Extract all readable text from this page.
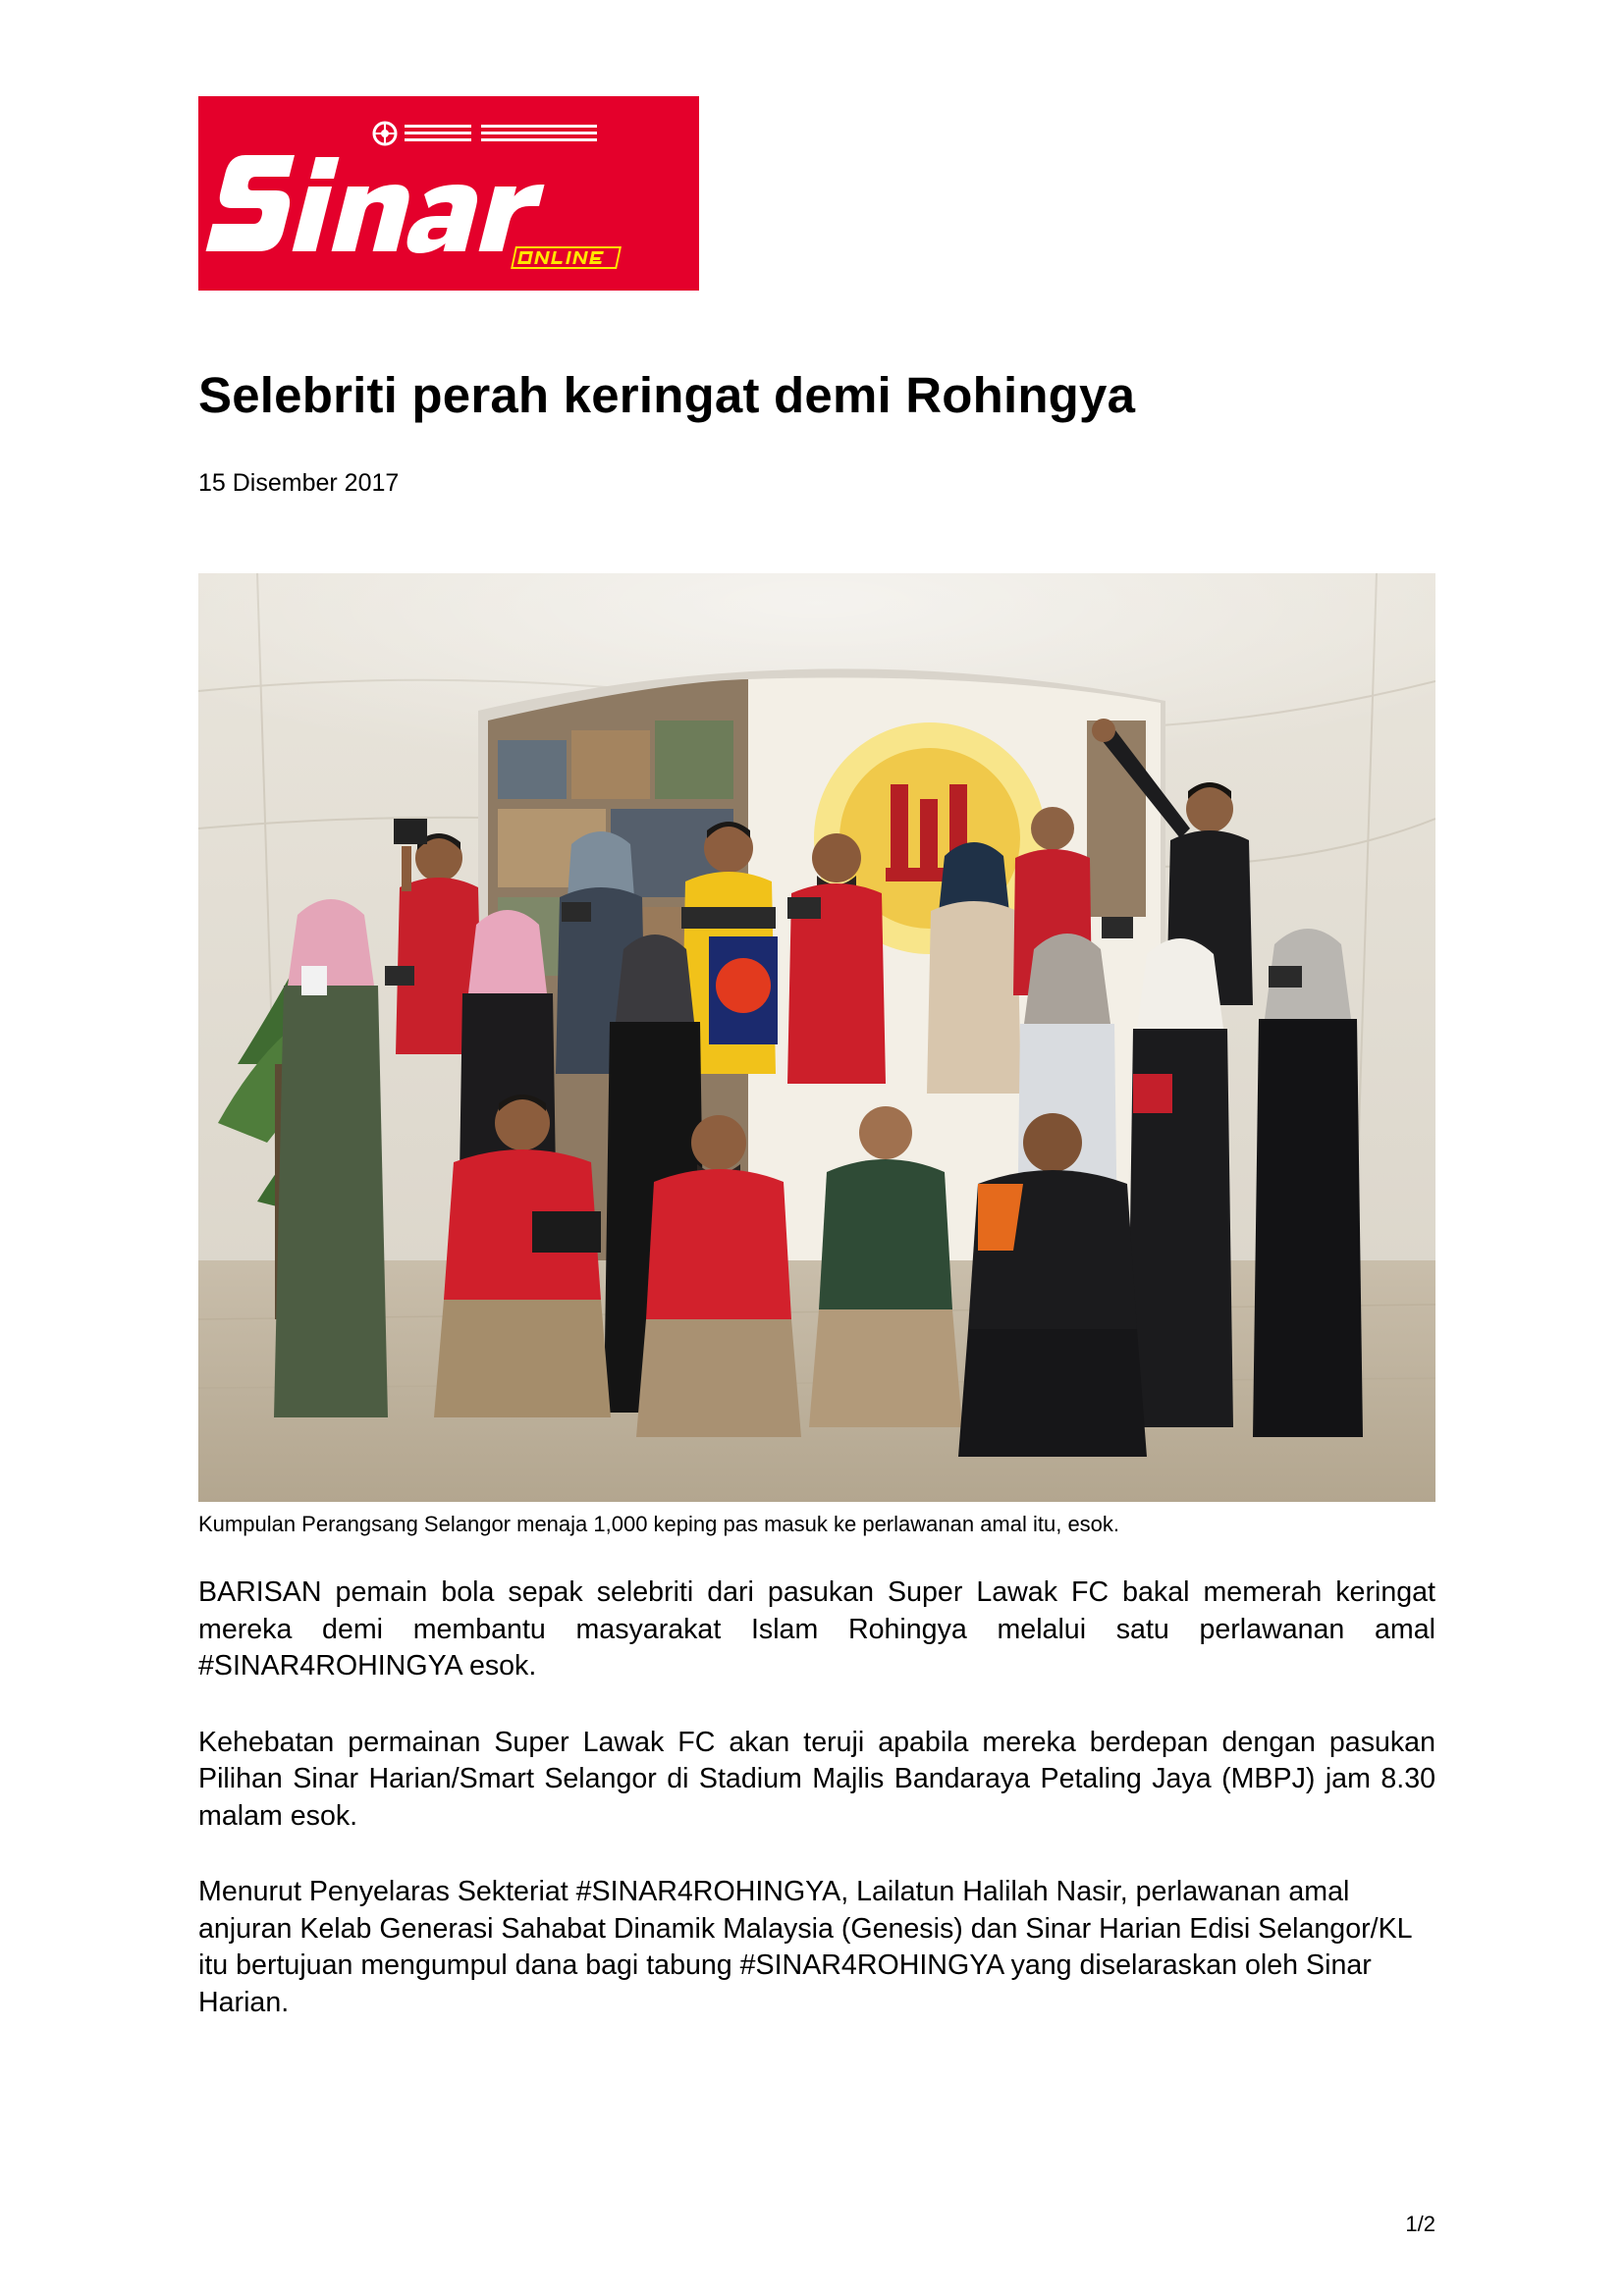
Selebriti perah keringat demi Rohingya
15 Disember 2017
Kumpulan Perangsang Selangor menaja 1,000 keping pas masuk ke perlawanan amal itu, esok.

BARISAN pemain bola sepak selebriti dari pasukan Super Lawak FC bakal memerah keringat mereka demi membantu masyarakat Islam Rohingya melalui satu perlawanan amal #SINAR4ROHINGYA esok.

Kehebatan permainan Super Lawak FC akan teruji apabila mereka berdepan dengan pasukan Pilihan Sinar Harian/Smart Selangor di Stadium Majlis Bandaraya Petaling Jaya (MBPJ) jam 8.30 malam esok.

Menurut Penyelaras Sekteriat #SINAR4ROHINGYA, Lailatun Halilah Nasir, perlawanan amal anjuran Kelab Generasi Sahabat Dinamik Malaysia (Genesis) dan Sinar Harian Edisi Selangor/KL itu bertujuan mengumpul dana bagi tabung #SINAR4ROHINGYA yang diselaraskan oleh Sinar Harian.

1/2
